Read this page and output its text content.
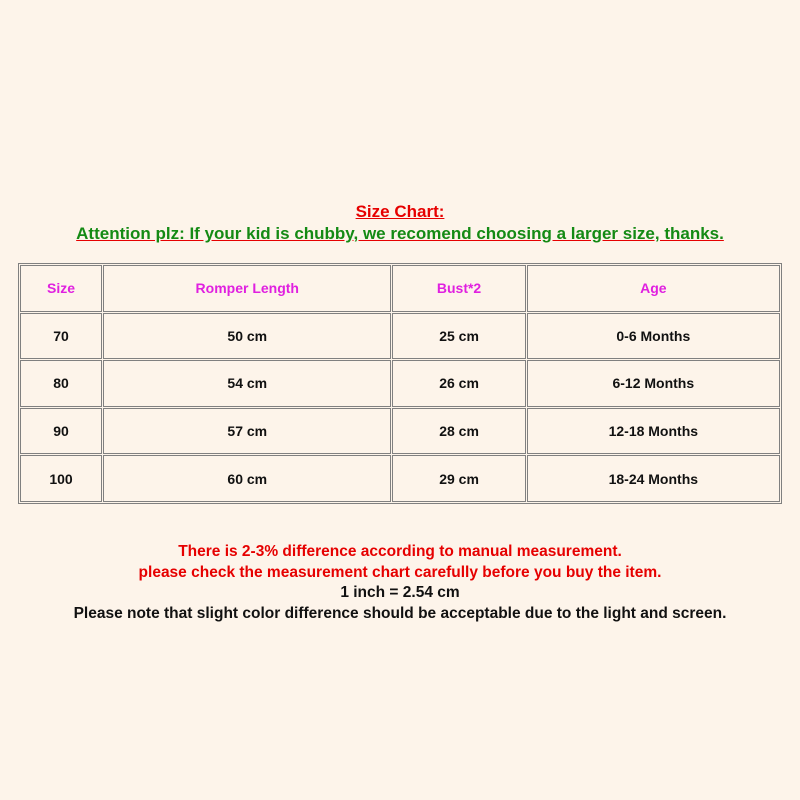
Size Chart:
Attention plz: If your kid is chubby, we recomend choosing a larger size, thanks.
Size	Romper Length	Bust*2	Age
70	50 cm	25 cm	0-6 Months
80	54 cm	26 cm	6-12 Months
90	57 cm	28 cm	12-18 Months
100	60 cm	29 cm	18-24 Months
There is 2-3% difference according to manual measurement.
please check the measurement chart carefully before you buy the item.
1 inch = 2.54 cm
Please note that slight color difference should be acceptable due to the light and screen.
